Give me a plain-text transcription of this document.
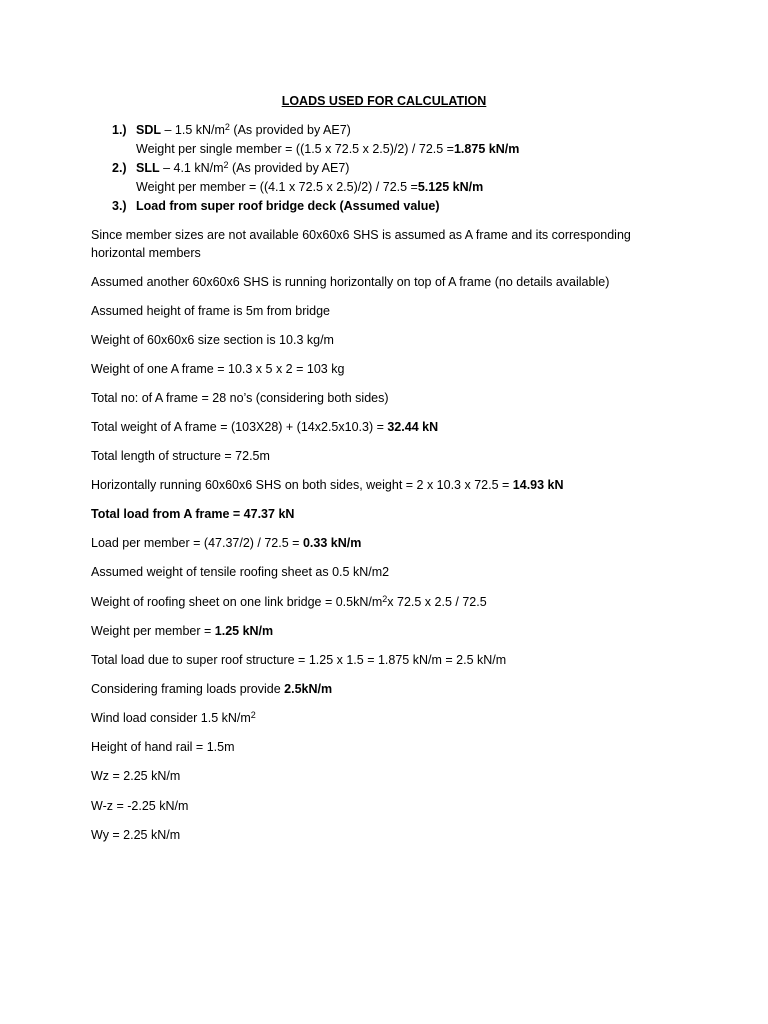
LOADS USED FOR CALCULATION
1.) SDL – 1.5 $kN/m^2$ (As provided by AE7)
Weight per single member = ((1.5 x 72.5 x 2.5)/2) / 72.5 = 1.875 kN/m
2.) SLL – 4.1 $kN/m^2$ (As provided by AE7)
Weight per member = ((4.1 x 72.5 x 2.5)/2) / 72.5 = 5.125 kN/m
3.) Load from super roof bridge deck (Assumed value)
Since member sizes are not available 60x60x6 SHS is assumed as A frame and its corresponding horizontal members
Assumed another 60x60x6 SHS is running horizontally on top of A frame (no details available)
Assumed height of frame is 5m from bridge
Weight of 60x60x6 size section is 10.3 kg/m
Weight of one A frame = 10.3 x 5 x 2 = 103 kg
Total no: of A frame = 28 no’s (considering both sides)
Total weight of A frame = (103X28) + (14x2.5x10.3) = 32.44 kN
Total length of structure = 72.5m
Horizontally running 60x60x6 SHS on both sides, weight = 2 x 10.3 x 72.5 = 14.93 kN
Total load from A frame = 47.37 kN
Load per member = (47.37/2) / 72.5 = 0.33 kN/m
Assumed weight of tensile roofing sheet as 0.5 kN/m2
Weight of roofing sheet on one link bridge = $0.5kN/m^2x$ 72.5 x 2.5 / 72.5
Weight per member = 1.25 kN/m
Total load due to super roof structure = 1.25 x 1.5 = 1.875 kN/m = 2.5 kN/m
Considering framing loads provide 2.5kN/m
Wind load consider 1.5 $kN/m^2$
Height of hand rail = 1.5m
Wz = 2.25 kN/m
W-z = -2.25 kN/m
Wy = 2.25 kN/m
